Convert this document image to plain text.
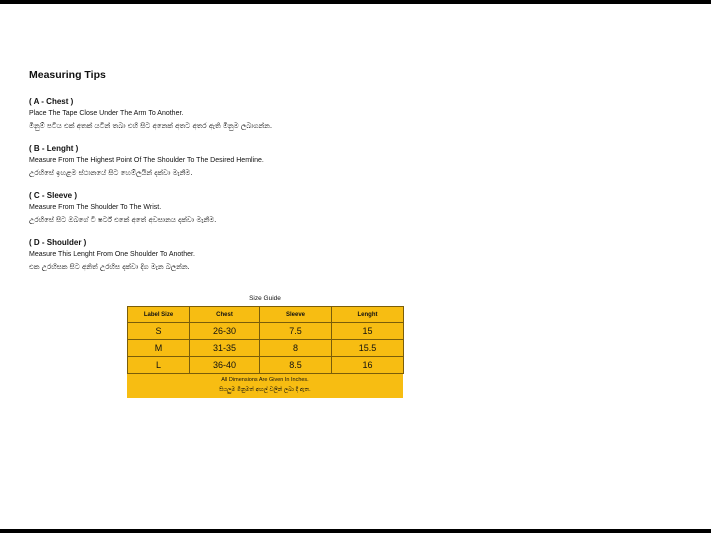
Measuring Tips
( A - Chest )
Place The Tape Close Under The Arm To Another.
මිනුම් පටිය එක් අතක් යටින් තබා එහි සිට අනෙක් අතට අතර ඇති මිනුම ලබාගන්න.
( B - Lenght )
Measure From The Highest Point Of The Shoulder To The Desired Hemline.
උරහිසේ ඉහළම ස්ථානයේ සිට හෙම්ලයින් දක්වා මැනීම.
( C - Sleeve )
Measure From The Shoulder To The Wrist.
උරහිසේ සිට ඔබගේ ටී ෂර්ට් එකේ අතේ අවසානය දක්වා මැනීම.
( D - Shoulder )
Measure This Lenght From One Shoulder To Another.
එක උරහිසක සිට අනිත් උරහිස දක්වා දිග මැන බලන්න.
Size Guide
Label Size	Chest	Sleeve	Lenght
S	26-30	7.5	15
M	31-35	8	15.5
L	36-40	8.5	16
All Dimensions Are Given In Inches.
සියලුම මිනුමත් අඟල් වලින් ලබා දී ඇත.
